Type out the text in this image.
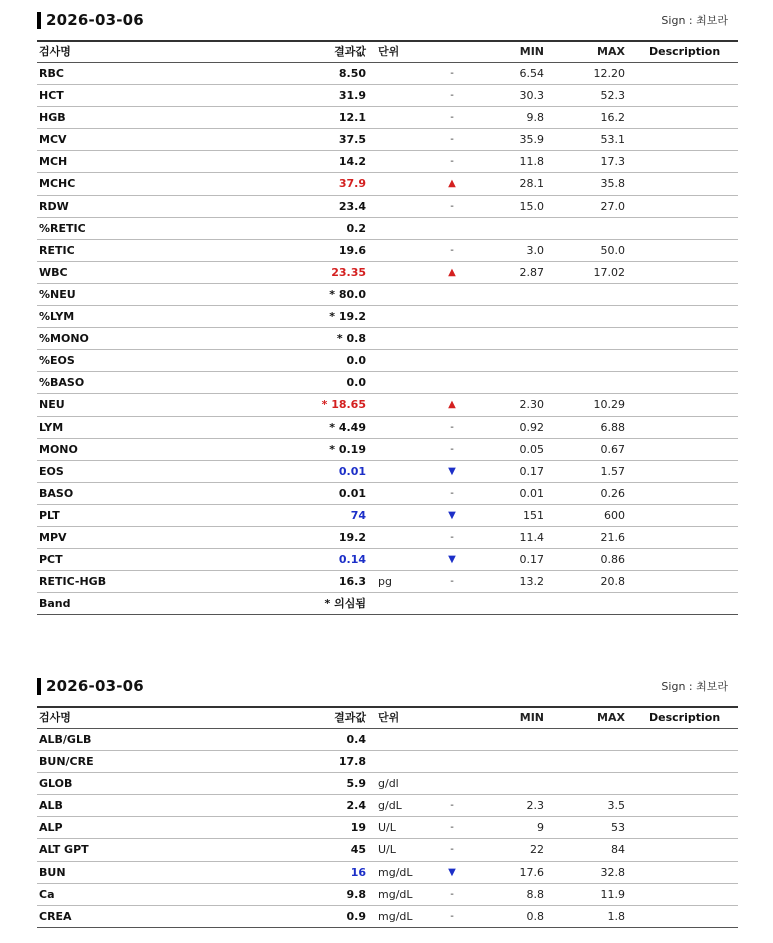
2026-03-06	Sign : 최보라
검사명	결과값 단위	MIN	MAX Description
RBC	8.50	-	6.54	12.20
HCT	31.9	-	30.3	52.3
HGB	12.1	-	9.8	16.2
MCV	37.5	-	35.9	53.1
MCH	14.2	-	11.8	17.3
MCHC	37.9	▲	28.1	35.8
RDW	23.4	-	15.0	27.0
%RETIC	0.2
RETIC	19.6	-	3.0	50.0
WBC	23.35	▲	2.87	17.02
%NEU	* 80.0
%LYM	* 19.2
%MONO	* 0.8
%EOS	0.0
%BASO	0.0
NEU	* 18.65	▲	2.30	10.29
LYM	* 4.49	-	0.92	6.88
MONO	* 0.19	-	0.05	0.67
EOS	0.01	▼	0.17	1.57
BASO	0.01	-	0.01	0.26
PLT	74	▼	151	600
MPV	19.2	-	11.4	21.6
PCT	0.14	▼	0.17	0.86
RETIC-HGB	16.3 pg	-	13.2	20.8
Band	* 의심됨
2026-03-06	Sign : 최보라
검사명	결과값 단위	MIN	MAX Description
ALB/GLB	0.4
BUN/CRE	17.8
GLOB	5.9 g/dl
ALB	2.4 g/dL	-	2.3	3.5
ALP	19 U/L	-	9	53
ALT GPT	45 U/L	-	22	84
BUN	16 mg/dL	▼	17.6	32.8
Ca	9.8 mg/dL	-	8.8	11.9
CREA	0.9 mg/dL	-	0.8	1.8
